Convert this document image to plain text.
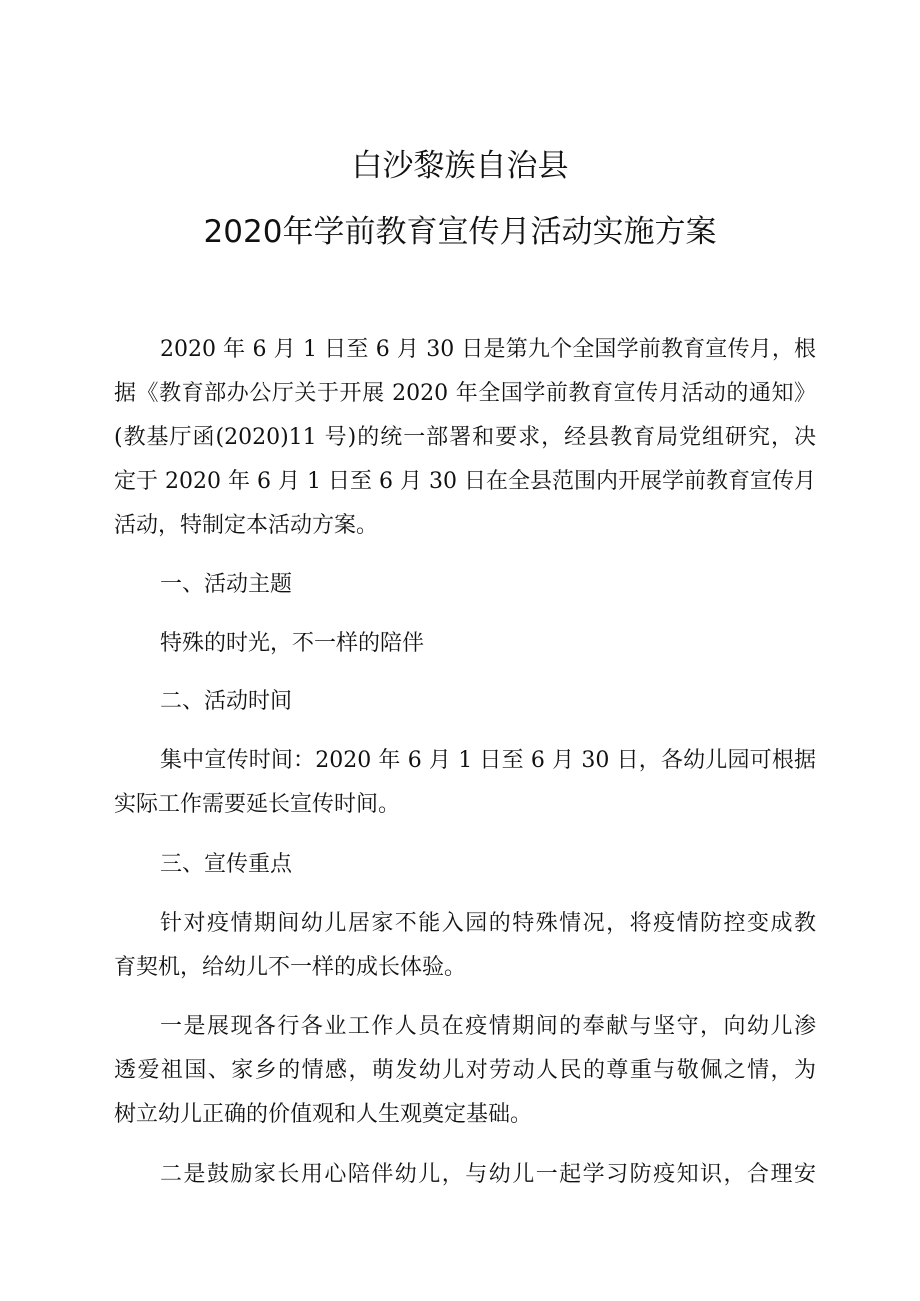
白沙黎族自治县
2020年学前教育宣传月活动实施方案
2020 年 6 月 1 日至 6 月 30 日是第九个全国学前教育宣传月，根
据《教育部办公厅关于开展 2020 年全国学前教育宣传月活动的通知》
(教基厅函(2020)11 号)的统一部署和要求，经县教育局党组研究，决
定于 2020 年 6 月 1 日至 6 月 30 日在全县范围内开展学前教育宣传月
活动，特制定本活动方案。
一、活动主题
特殊的时光，不一样的陪伴
二、活动时间
集中宣传时间：2020 年 6 月 1 日至 6 月 30 日，各幼儿园可根据
实际工作需要延长宣传时间。
三、宣传重点
针对疫情期间幼儿居家不能入园的特殊情况，将疫情防控变成教
育契机，给幼儿不一样的成长体验。
一是展现各行各业工作人员在疫情期间的奉献与坚守，向幼儿渗
透爱祖国、家乡的情感，萌发幼儿对劳动人民的尊重与敬佩之情，为
树立幼儿正确的价值观和人生观奠定基础。
二是鼓励家长用心陪伴幼儿，与幼儿一起学习防疫知识，合理安
